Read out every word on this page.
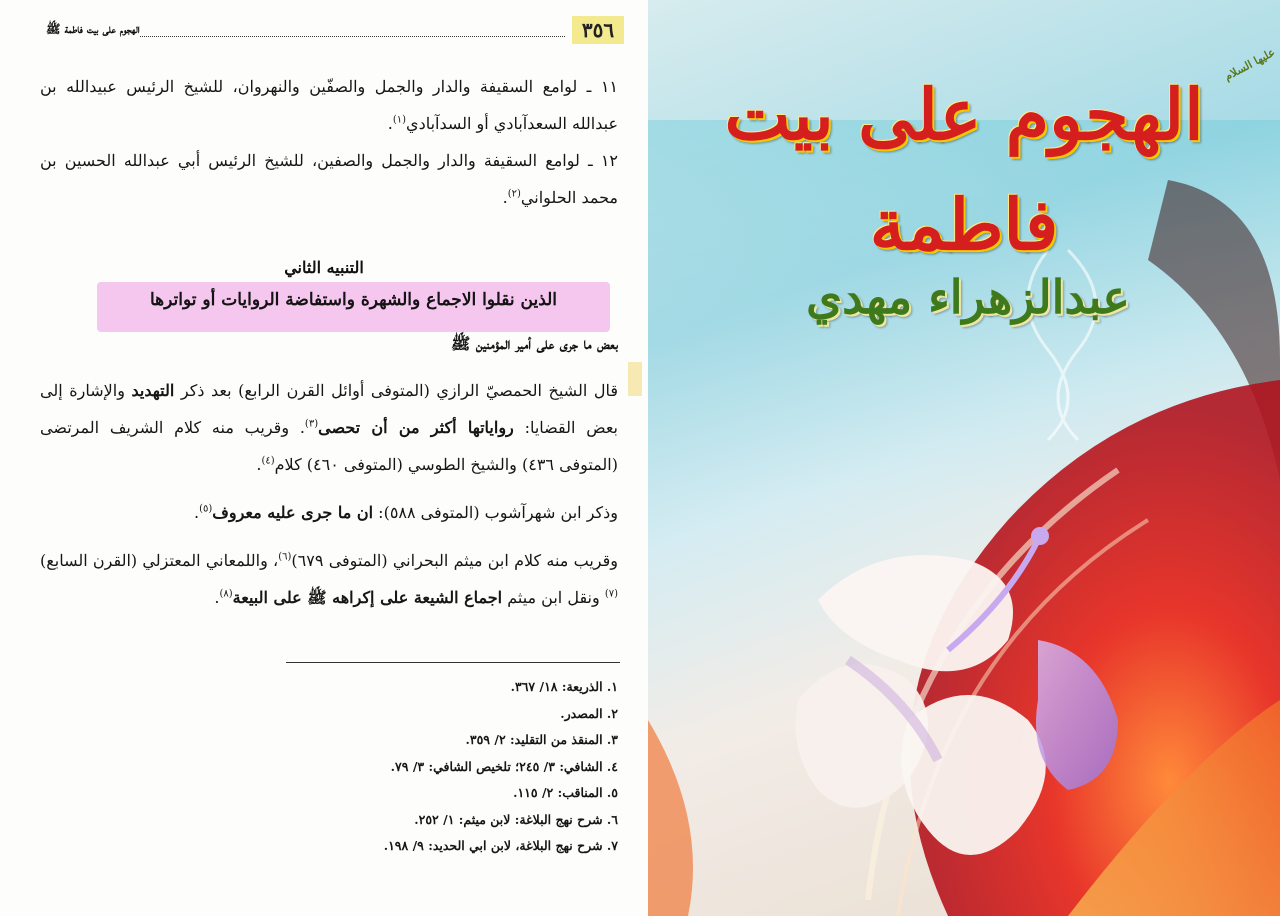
٣٥٦
الهجوم على بيت فاطمة ﷺ

١١ ـ لوامع السقيفة والدار والجمل والصفّين والنهروان، للشيخ الرئيس عبيدالله بن عبدالله السعدآبادي أو السدآبادي$^{(١)}$.

١٢ ـ لوامع السقيفة والدار والجمل والصفين، للشيخ الرئيس أبي عبدالله الحسين بن محمد الحلواني$^{(٢)}$.

التنبيه الثاني
الذين نقلوا الاجماع والشهرة واستفاضة الروايات أو تواترها
بعض ما جرى على أمير المؤمنين ﷺ

قال الشيخ الحمصيّ الرازي (المتوفى أوائل القرن الرابع) بعد ذكر التهديد والإشارة إلى بعض القضايا: رواياتها أكثر من أن تحصى$^{(٣)}$. وقريب منه كلام الشريف المرتضى (المتوفى ٤٣٦) والشيخ الطوسي (المتوفى ٤٦٠) كلام$^{(٤)}$.

وذكر ابن شهرآشوب (المتوفى ٥٨٨): ان ما جرى عليه معروف$^{(٥)}$.

وقريب منه كلام ابن ميثم البحراني (المتوفى ٦٧٩)$^{(٦)}$، واللمعاني المعتزلي (القرن السابع)$^{(٧)}$ ونقل ابن ميثم اجماع الشيعة على إكراهه ﷺ على البيعة$^{(٨)}$.

١. الذريعة: ١٨/ ٣٦٧.
٢. المصدر.
٣. المنقذ من التقليد: ٢/ ٣٥٩.
٤. الشافي: ٣/ ٢٤٥؛ تلخيص الشافي: ٣/ ٧٩.
٥. المناقب: ٢/ ١١٥.
٦. شرح نهج البلاغة: لابن ميثم: ١/ ٢٥٢.
٧. شرح نهج البلاغة، لابن ابي الحديد: ٩/ ١٩٨.
الهجوم على بيت فاطمة
عليها السلام
عبدالزهراء مهدي
